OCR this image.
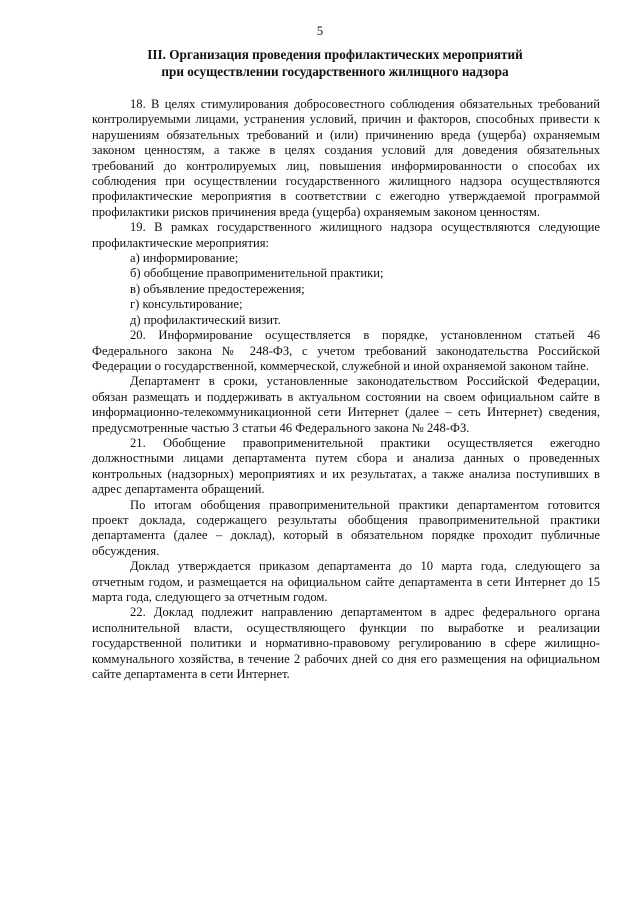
5
III. Организация проведения профилактических мероприятий
при осуществлении государственного жилищного надзора

18. В целях стимулирования добросовестного соблюдения обязательных требований контролируемыми лицами, устранения условий, причин и факторов, способных привести к нарушениям обязательных требований и (или) причинению вреда (ущерба) охраняемым законом ценностям, а также в целях создания условий для доведения обязательных требований до контролируемых лиц, повышения информированности о способах их соблюдения при осуществлении государственного жилищного надзора осуществляются профилактические мероприятия в соответствии с ежегодно утверждаемой программой профилактики рисков причинения вреда (ущерба) охраняемым законом ценностям.

19. В рамках государственного жилищного надзора осуществляются следующие профилактические мероприятия:

а) информирование;

б) обобщение правоприменительной практики;

в) объявление предостережения;

г) консультирование;

д) профилактический визит.

20. Информирование осуществляется в порядке, установленном статьей 46 Федерального закона № 248-ФЗ, с учетом требований законодательства Российской Федерации о государственной, коммерческой, служебной и иной охраняемой законом тайне.

Департамент в сроки, установленные законодательством Российской Федерации, обязан размещать и поддерживать в актуальном состоянии на своем официальном сайте в информационно-телекоммуникационной сети Интернет (далее – сеть Интернет) сведения, предусмотренные частью 3 статьи 46 Федерального закона № 248-ФЗ.

21. Обобщение правоприменительной практики осуществляется ежегодно должностными лицами департамента путем сбора и анализа данных о проведенных контрольных (надзорных) мероприятиях и их результатах, а также анализа поступивших в адрес департамента обращений.

По итогам обобщения правоприменительной практики департаментом готовится проект доклада, содержащего результаты обобщения правоприменительной практики департамента (далее – доклад), который в обязательном порядке проходит публичные обсуждения.

Доклад утверждается приказом департамента до 10 марта года, следующего за отчетным годом, и размещается на официальном сайте департамента в сети Интернет до 15 марта года, следующего за отчетным годом.

22. Доклад подлежит направлению департаментом в адрес федерального органа исполнительной власти, осуществляющего функции по выработке и реализации государственной политики и нормативно-правовому регулированию в сфере жилищно-коммунального хозяйства, в течение 2 рабочих дней со дня его размещения на официальном сайте департамента в сети Интернет.
